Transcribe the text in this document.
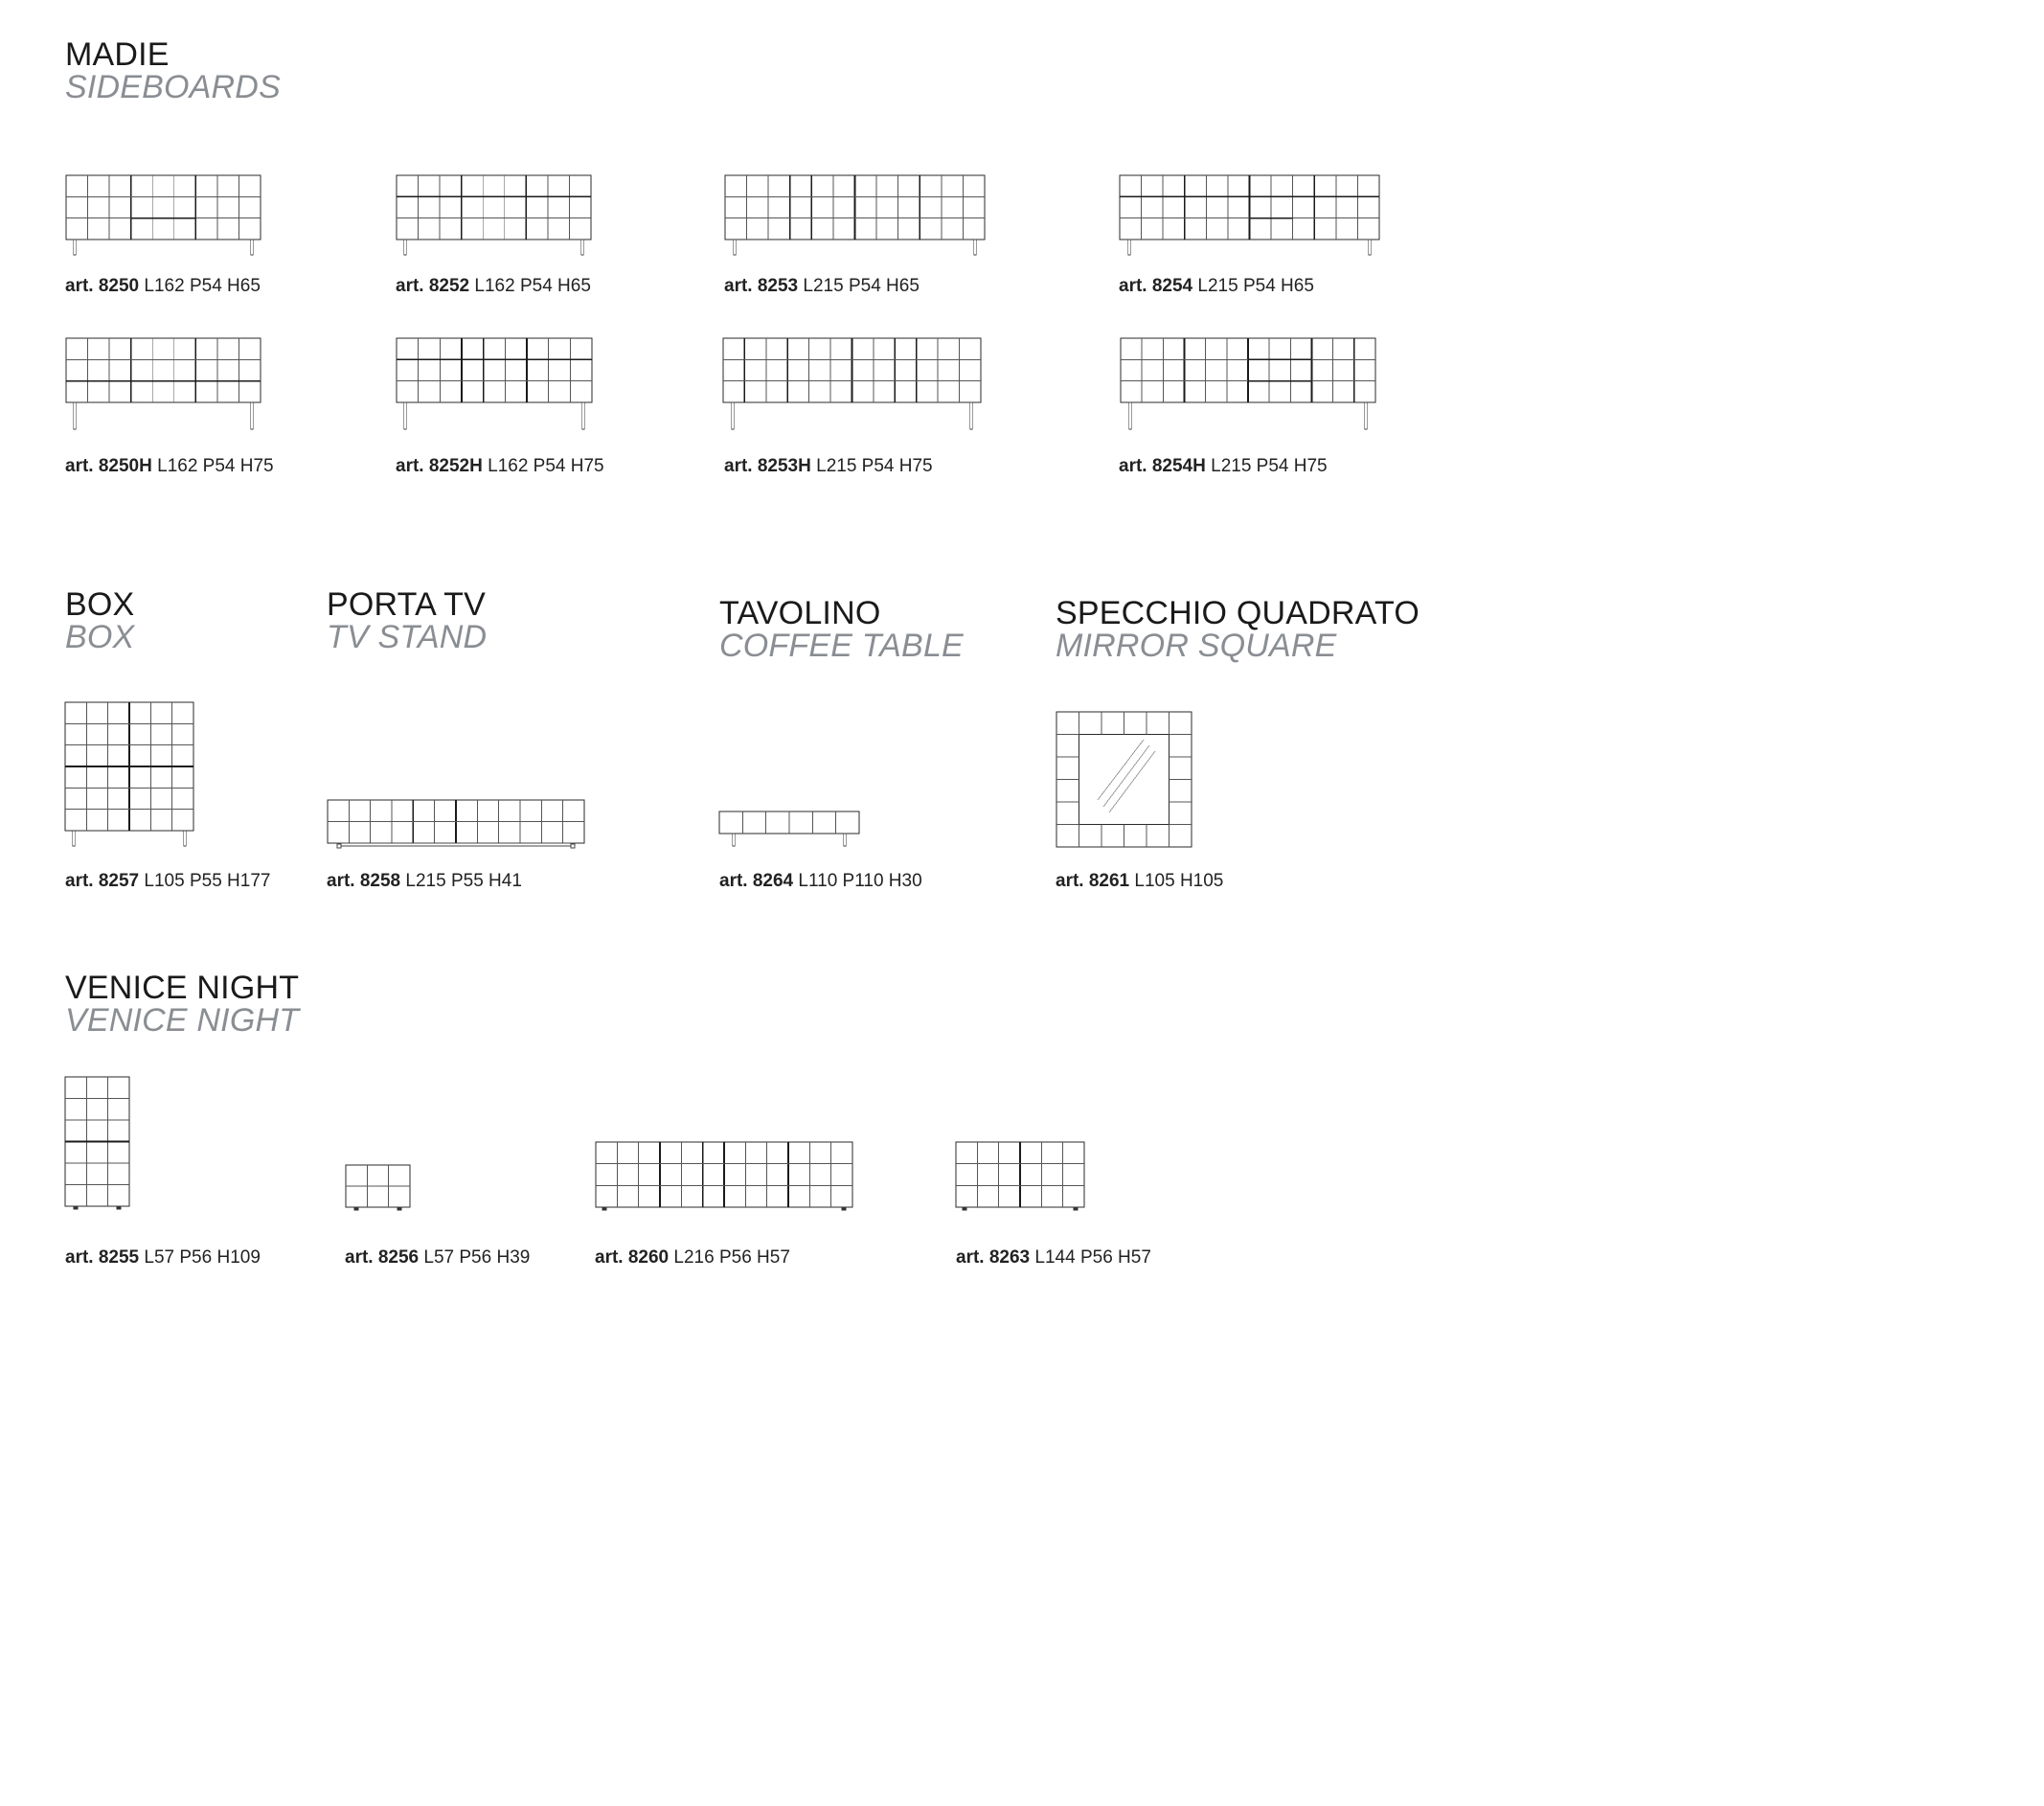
MADIE
SIDEBOARDS
BOX
BOX
PORTA TV
TV STAND
TAVOLINO
COFFEE TABLE
SPECCHIO QUADRATO
MIRROR SQUARE
VENICE NIGHT
VENICE NIGHT
art. 8250 L162 P54 H65	art. 8252 L162 P54 H65	art. 8253 L215 P54 H65	art. 8254 L215 P54 H65
art. 8250H L162 P54 H75	art. 8252H L162 P54 H75	art. 8253H L215 P54 H75	art. 8254H L215 P54 H75
art. 8257 L105 P55 H177	art. 8258 L215 P55 H41	art. 8264 L110 P110 H30	art. 8261 L105 H105
art. 8255 L57 P56 H109	art. 8256 L57 P56 H39	art. 8260 L216 P56 H57	art. 8263 L144 P56 H57
